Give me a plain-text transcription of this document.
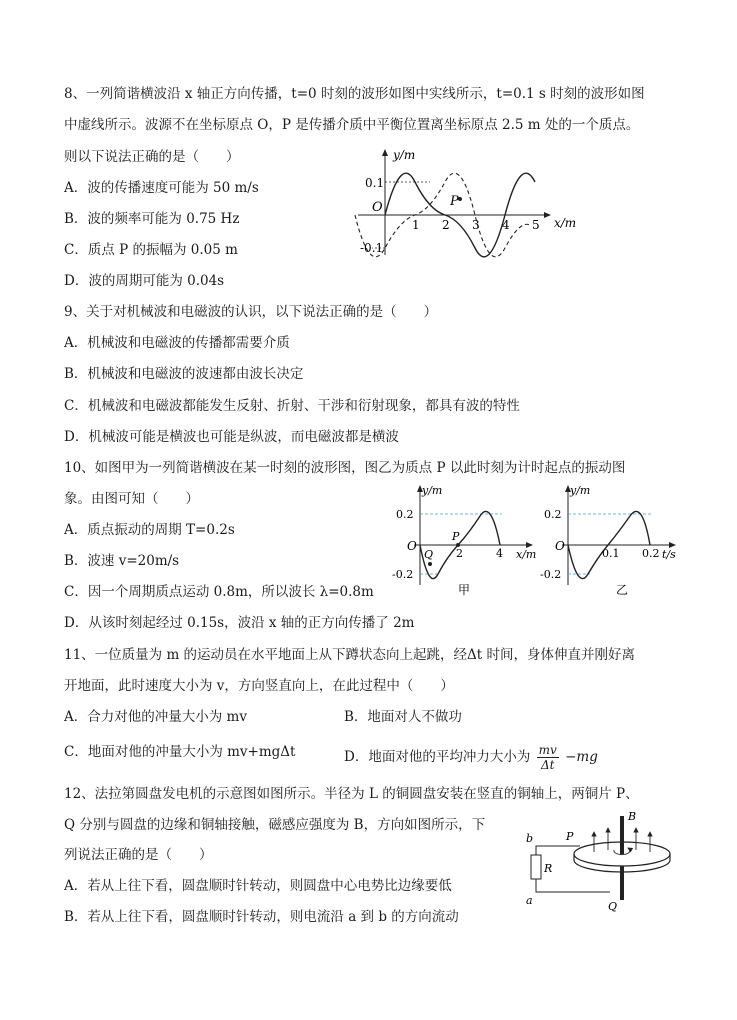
8、一列简谐横波沿 x 轴正方向传播，t=0 时刻的波形如图中实线所示，t=0.1 s 时刻的波形如图
中虚线所示。波源不在坐标原点 O，P 是传播介质中平衡位置离坐标原点 2.5 m 处的一个质点。
则以下说法正确的是（　　）
A．波的传播速度可能为 50 m/s
B．波的频率可能为 0.75 Hz
C．质点 P 的振幅为 0.05 m
D．波的周期可能为 0.04s
y/m
x/m
O
0.1
-0.1
1 2 3 4 5
P
9、关于对机械波和电磁波的认识，以下说法正确的是（　　）
A．机械波和电磁波的传播都需要介质
B．机械波和电磁波的波速都由波长决定
C．机械波和电磁波都能发生反射、折射、干涉和衍射现象，都具有波的特性
D．机械波可能是横波也可能是纵波，而电磁波都是横波
10、如图甲为一列简谐横波在某一时刻的波形图，图乙为质点 P 以此时刻为计时起点的振动图
象。由图可知（　　）
A．质点振动的周期 T=0.2s
B．波速 v=20m/s
C．因一个周期质点运动 0.8m，所以波长 λ=0.8m
D．从该时刻起经过 0.15s，波沿 x 轴的正方向传播了 2m
y/m
x/m
O
0.2
-0.2
2	4
Q
P
甲
y/m
t/s
O
0.2
-0.2
0.1 0.2
乙
11、一位质量为 m 的运动员在水平地面上从下蹲状态向上起跳，经Δt 时间，身体伸直并刚好离
开地面，此时速度大小为 v，方向竖直向上，在此过程中（　　）
A．合力对他的冲量大小为 mv	B．地面对人不做功
C．地面对他的冲量大小为 mv+mgΔt	D．地面对他的平均冲力大小为 $\frac{mv}{\Delta t} -mg$
12、法拉第圆盘发电机的示意图如图所示。半径为 L 的铜圆盘安装在竖直的铜轴上，两铜片 P、
Q 分别与圆盘的边缘和铜轴接触，磁感应强度为 B，方向如图所示，下
列说法正确的是（　　）
A．若从上往下看，圆盘顺时针转动，则圆盘中心电势比边缘要低
B．若从上往下看，圆盘顺时针转动，则电流沿 a 到 b 的方向流动
b
a
R
P
Q
B
